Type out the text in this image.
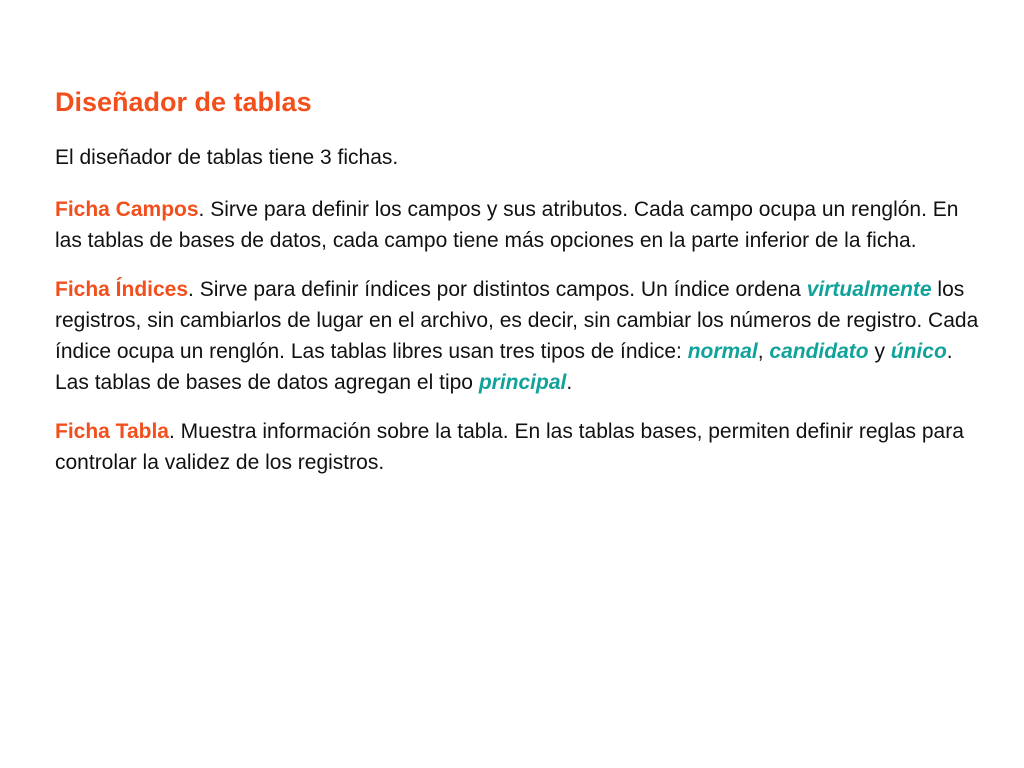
Diseñador de tablas

El diseñador de tablas tiene 3 fichas.

Ficha Campos. Sirve para definir los campos y sus atributos. Cada campo ocupa un renglón. En las tablas de bases de datos, cada campo tiene más opciones en la parte inferior de la ficha.

Ficha Índices. Sirve para definir índices por distintos campos. Un índice ordena virtualmente los registros, sin cambiarlos de lugar en el archivo, es decir, sin cambiar los números de registro. Cada índice ocupa un renglón. Las tablas libres usan tres tipos de índice: normal, candidato y único. Las tablas de bases de datos agregan el tipo principal.

Ficha Tabla. Muestra información sobre la tabla. En las tablas bases, permiten definir reglas para controlar la validez de los registros.
